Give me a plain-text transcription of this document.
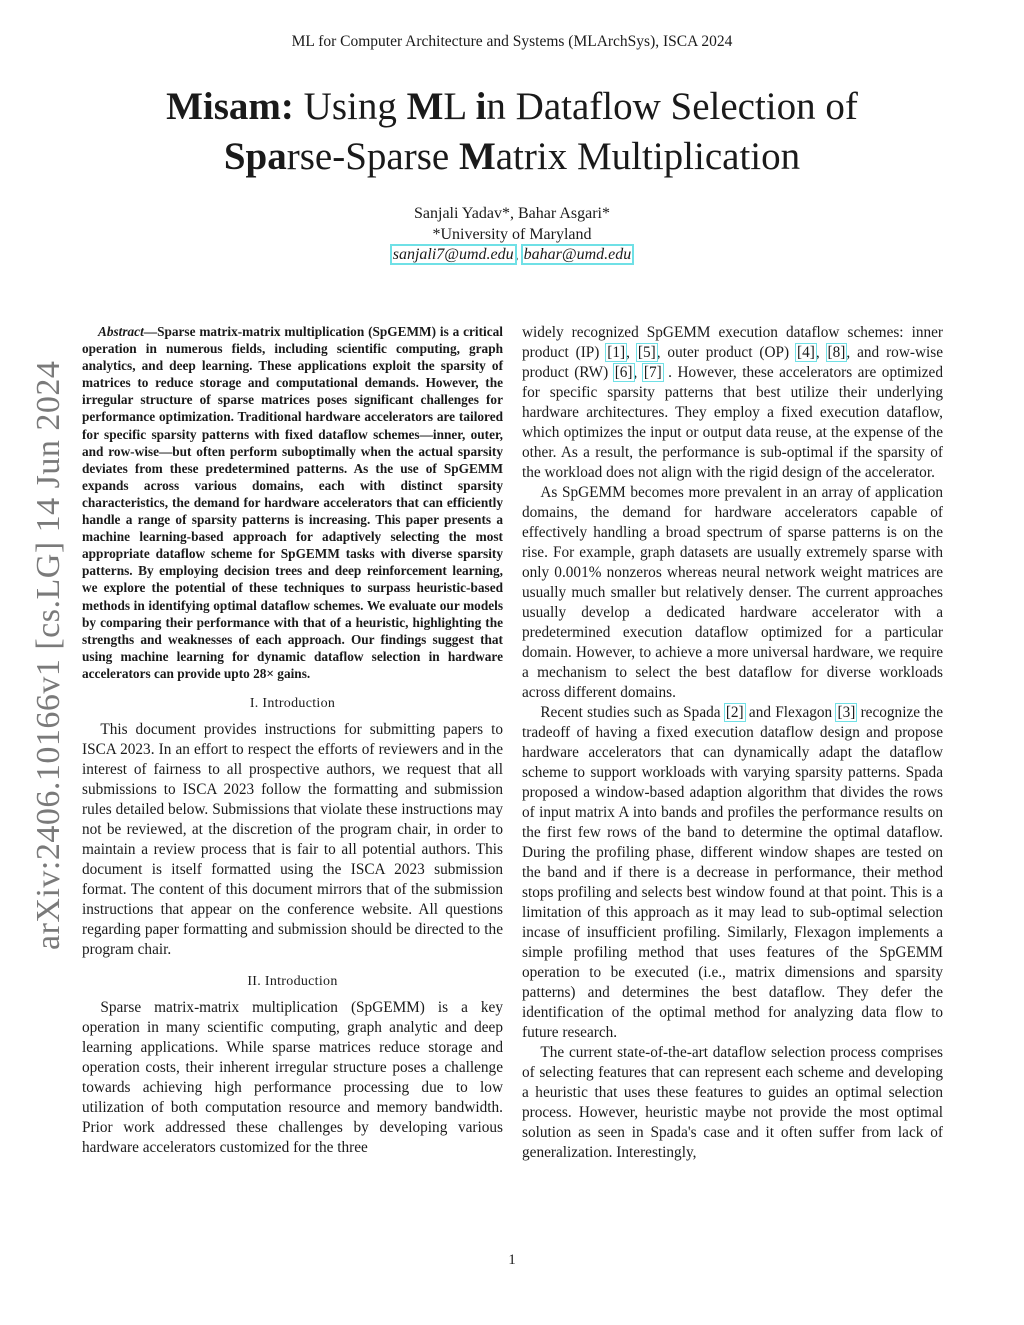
ML for Computer Architecture and Systems (MLArchSys), ISCA 2024
Misam: Using ML in Dataflow Selection of
Sparse-Sparse Matrix Multiplication
Sanjali Yadav*, Bahar Asgari*
*University of Maryland
sanjali7@umd.edu, bahar@umd.edu
arXiv:2406.10166v1 [cs.LG] 14 Jun 2024

Abstract—Sparse matrix-matrix multiplication (SpGEMM) is a critical operation in numerous fields, including scientific computing, graph analytics, and deep learning. These applications exploit the sparsity of matrices to reduce storage and computational demands. However, the irregular structure of sparse matrices poses significant challenges for performance optimization. Traditional hardware accelerators are tailored for specific sparsity patterns with fixed dataflow schemes—inner, outer, and row-wise—but often perform suboptimally when the actual sparsity deviates from these predetermined patterns. As the use of SpGEMM expands across various domains, each with distinct sparsity characteristics, the demand for hardware accelerators that can efficiently handle a range of sparsity patterns is increasing. This paper presents a machine learning-based approach for adaptively selecting the most appropriate dataflow scheme for SpGEMM tasks with diverse sparsity patterns. By employing decision trees and deep reinforcement learning, we explore the potential of these techniques to surpass heuristic-based methods in identifying optimal dataflow schemes. We evaluate our models by comparing their performance with that of a heuristic, highlighting the strengths and weaknesses of each approach. Our findings suggest that using machine learning for dynamic dataflow selection in hardware accelerators can provide upto 28× gains.

I. Introduction

This document provides instructions for submitting papers to ISCA 2023. In an effort to respect the efforts of reviewers and in the interest of fairness to all prospective authors, we request that all submissions to ISCA 2023 follow the formatting and submission rules detailed below. Submissions that violate these instructions may not be reviewed, at the discretion of the program chair, in order to maintain a review process that is fair to all potential authors. This document is itself formatted using the ISCA 2023 submission format. The content of this document mirrors that of the submission instructions that appear on the conference website. All questions regarding paper formatting and submission should be directed to the program chair.

II. Introduction

Sparse matrix-matrix multiplication (SpGEMM) is a key operation in many scientific computing, graph analytic and deep learning applications. While sparse matrices reduce storage and operation costs, their inherent irregular structure poses a challenge towards achieving high performance processing due to low utilization of both computation resource and memory bandwidth. Prior work addressed these challenges by developing various hardware accelerators customized for the three

widely recognized SpGEMM execution dataflow schemes: inner product (IP) [1], [5], outer product (OP) [4], [8], and row-wise product (RW) [6], [7] . However, these accelerators are optimized for specific sparsity patterns that best utilize their underlying hardware architectures. They employ a fixed execution dataflow, which optimizes the input or output data reuse, at the expense of the other. As a result, the performance is sub-optimal if the sparsity of the workload does not align with the rigid design of the accelerator.

As SpGEMM becomes more prevalent in an array of application domains, the demand for hardware accelerators capable of effectively handling a broad spectrum of sparse patterns is on the rise. For example, graph datasets are usually extremely sparse with only 0.001% nonzeros whereas neural network weight matrices are usually much smaller but relatively denser. The current approaches usually develop a dedicated hardware accelerator with a predetermined execution dataflow optimized for a particular domain. However, to achieve a more universal hardware, we require a mechanism to select the best dataflow for diverse workloads across different domains.

Recent studies such as Spada [2] and Flexagon [3] recognize the tradeoff of having a fixed execution dataflow design and propose hardware accelerators that can dynamically adapt the dataflow scheme to support workloads with varying sparsity patterns. Spada proposed a window-based adaption algorithm that divides the rows of input matrix A into bands and profiles the performance results on the first few rows of the band to determine the optimal dataflow. During the profiling phase, different window shapes are tested on the band and if there is a decrease in performance, their method stops profiling and selects best window found at that point. This is a limitation of this approach as it may lead to sub-optimal selection incase of insufficient profiling. Similarly, Flexagon implements a simple profiling method that uses features of the SpGEMM operation to be executed (i.e., matrix dimensions and sparsity patterns) and determines the best dataflow. They defer the identification of the optimal method for analyzing data flow to future research.

The current state-of-the-art dataflow selection process comprises of selecting features that can represent each scheme and developing a heuristic that uses these features to guides an optimal selection process. However, heuristic maybe not provide the most optimal solution as seen in Spada's case and it often suffer from lack of generalization. Interestingly,

1
